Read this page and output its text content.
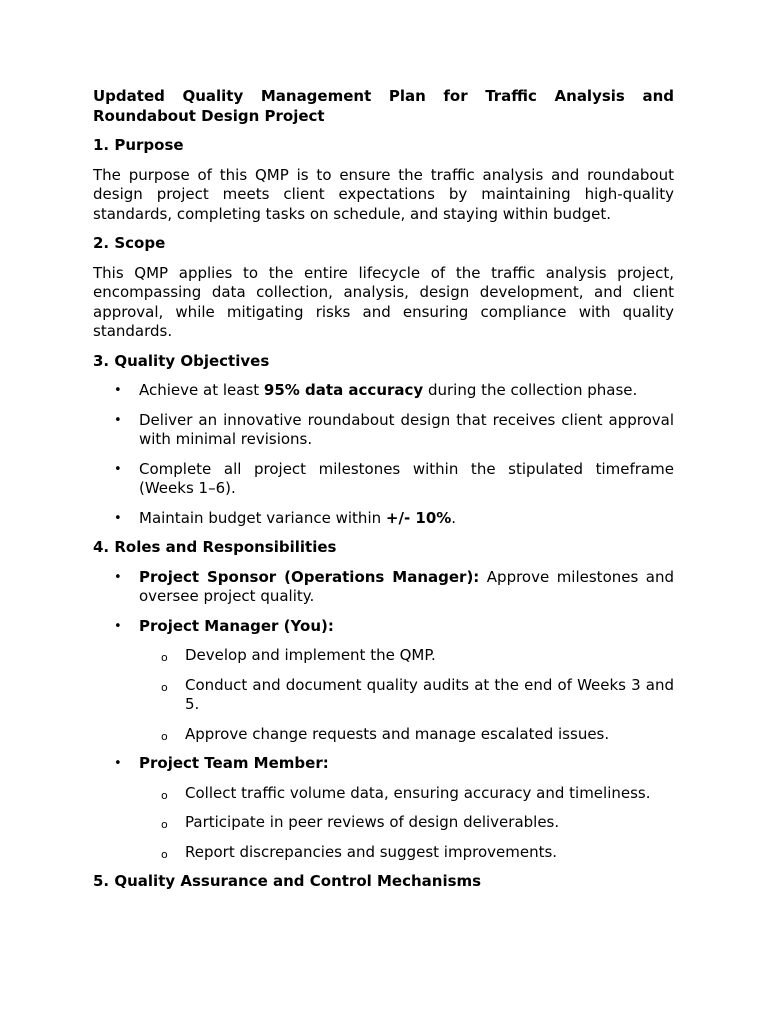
Updated Quality Management Plan for Traffic Analysis and Roundabout Design Project
1. Purpose
The purpose of this QMP is to ensure the traffic analysis and roundabout design project meets client expectations by maintaining high-quality standards, completing tasks on schedule, and staying within budget.
2. Scope
This QMP applies to the entire lifecycle of the traffic analysis project, encompassing data collection, analysis, design development, and client approval, while mitigating risks and ensuring compliance with quality standards.
3. Quality Objectives
• Achieve at least 95% data accuracy during the collection phase.
• Deliver an innovative roundabout design that receives client approval with minimal revisions.
• Complete all project milestones within the stipulated timeframe (Weeks 1–6).
• Maintain budget variance within +/- 10%.
4. Roles and Responsibilities
• Project Sponsor (Operations Manager): Approve milestones and oversee project quality.
• Project Manager (You):
o Develop and implement the QMP.
o Conduct and document quality audits at the end of Weeks 3 and 5.
o Approve change requests and manage escalated issues.
• Project Team Member:
o Collect traffic volume data, ensuring accuracy and timeliness.
o Participate in peer reviews of design deliverables.
o Report discrepancies and suggest improvements.
5. Quality Assurance and Control Mechanisms
